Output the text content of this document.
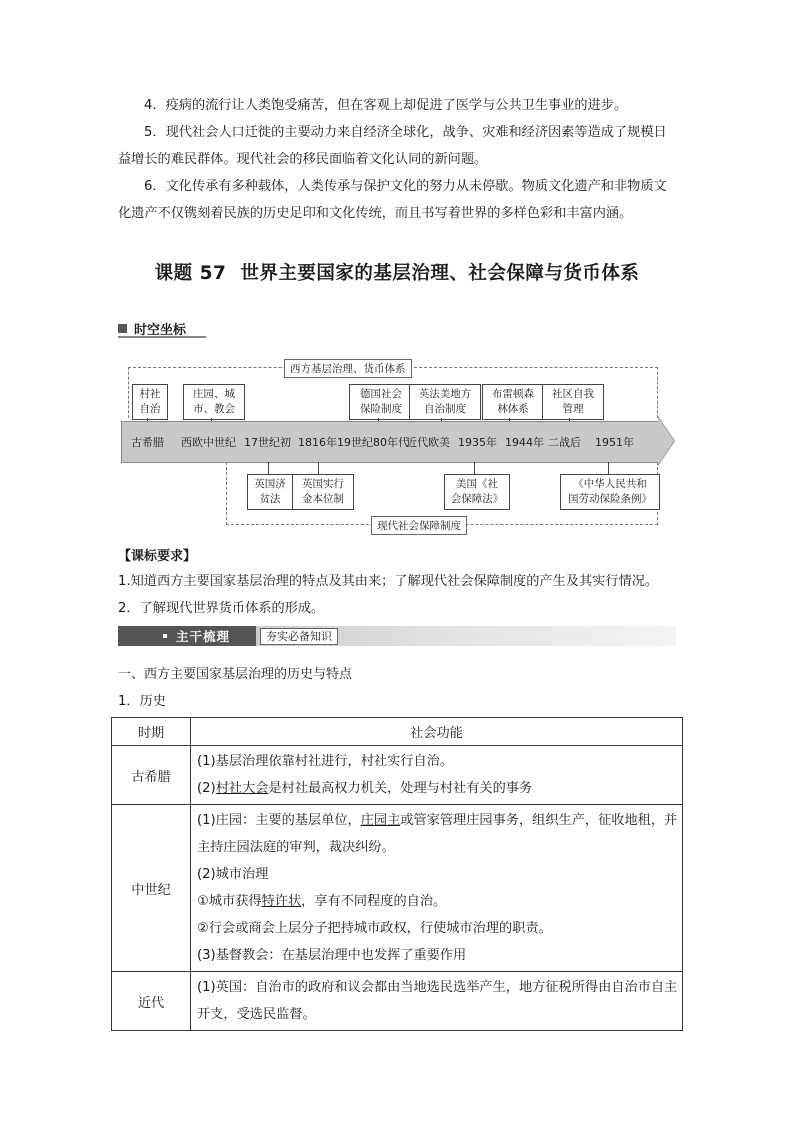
4．疫病的流行让人类饱受痛苦，但在客观上却促进了医学与公共卫生事业的进步。

5．现代社会人口迁徙的主要动力来自经济全球化，战争、灾难和经济因素等造成了规模日益增长的难民群体。现代社会的移民面临着文化认同的新问题。

6．文化传承有多种载体，人类传承与保护文化的努力从未停歇。物质文化遗产和非物质文化遗产不仅镌刻着民族的历史足印和文化传统，而且书写着世界的多样色彩和丰富内涵。

课题 57 世界主要国家的基层治理、社会保障与货币体系
时空坐标
西方基层治理、货币体系
现代社会保障制度
村社
自治
庄园、城
市、教会
德国社会
保险制度
英法美地方
自治制度
布雷顿森
林体系
社区自我
管理
古希腊 西欧中世纪 17世纪初 1816年 19世纪80年代
近代欧美 1935年 1944年 二战后 1951年
英国济
贫法
英国实行
金本位制
美国《社
会保障法》
《中华人民共和
国劳动保险条例》
【课标要求】
1.知道西方主要国家基层治理的特点及其由来；了解现代社会保障制度的产生及其实行情况。
2．了解现代世界货币体系的形成。
主干梳理	夯实必备知识
一、西方主要国家基层治理的历史与特点
1．历史
时期	社会功能
古希腊	(1)基层治理依靠村社进行，村社实行自治。
(2)村社大会是村社最高权力机关，处理与村社有关的事务

中世纪	(1)庄园：主要的基层单位，庄园主或管家管理庄园事务，组织生产，征收地租，并主持庄园法庭的审判，裁决纠纷。
(2)城市治理
①城市获得特许状，享有不同程度的自治。
②行会或商会上层分子把持城市政权，行使城市治理的职责。
(3)基督教会：在基层治理中也发挥了重要作用

近代	(1)英国：自治市的政府和议会都由当地选民选举产生，地方征税所得由自治市自主开支，受选民监督。
